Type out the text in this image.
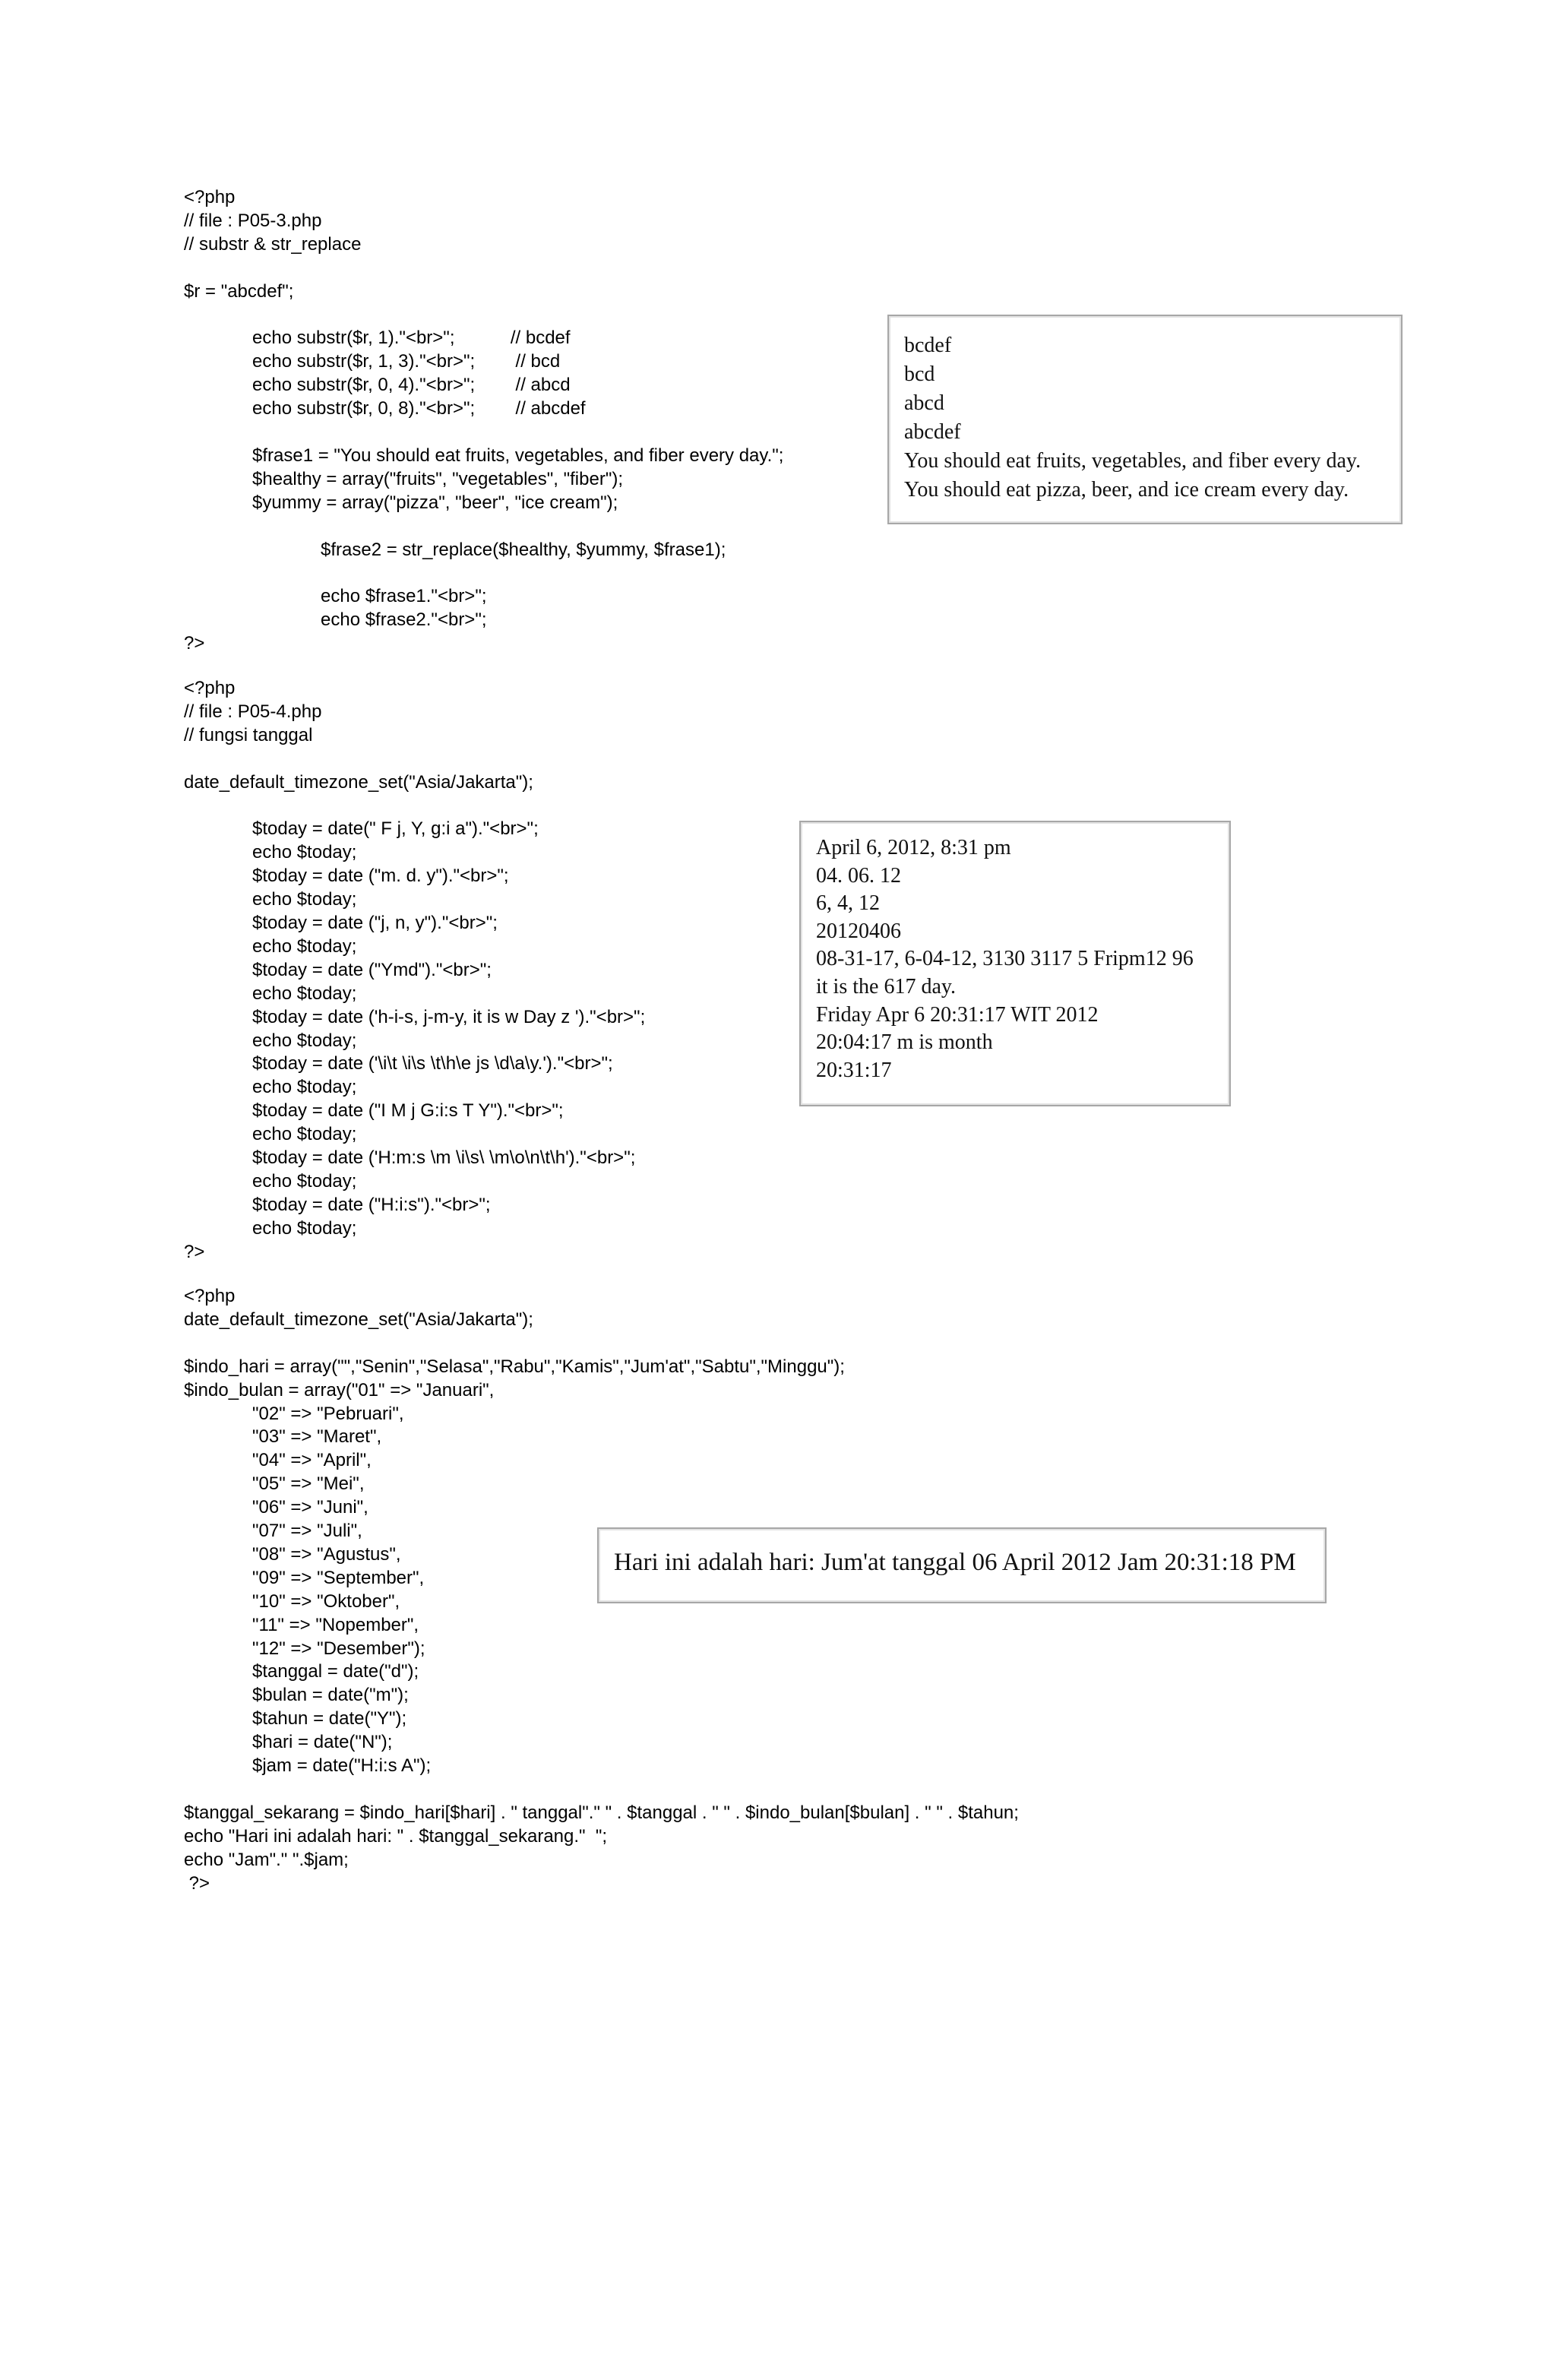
<?php
// file : P05-3.php
// substr & str_replace
$r = "abcdef";
echo substr($r, 1)."<br>";           // bcdef
echo substr($r, 1, 3)."<br>";        // bcd
echo substr($r, 0, 4)."<br>";        // abcd
echo substr($r, 0, 8)."<br>";        // abcdef
$frase1 = "You should eat fruits, vegetables, and fiber every day.";
$healthy = array("fruits", "vegetables", "fiber");
$yummy = array("pizza", "beer", "ice cream");
$frase2 = str_replace($healthy, $yummy, $frase1);
echo $frase1."<br>";
echo $frase2."<br>";
?>
<?php
// file : P05-4.php
// fungsi tanggal
date_default_timezone_set("Asia/Jakarta");
$today = date(" F j, Y, g:i a")."<br>";
echo $today;
$today = date ("m. d. y")."<br>";
echo $today;
$today = date ("j, n, y")."<br>";
echo $today;
$today = date ("Ymd")."<br>";
echo $today;
$today = date ('h-i-s, j-m-y, it is w Day z ')."<br>";
echo $today;
$today = date ('\i\t \i\s \t\h\e js \d\a\y.')."<br>";
echo $today;
$today = date ("I M j G:i:s T Y")."<br>";
echo $today;
$today = date ('H:m:s \m \i\s\ \m\o\n\t\h')."<br>";
echo $today;
$today = date ("H:i:s")."<br>";
echo $today;
?>
<?php
date_default_timezone_set("Asia/Jakarta");
$indo_hari = array("","Senin","Selasa","Rabu","Kamis","Jum'at","Sabtu","Minggu");
$indo_bulan = array("01" => "Januari",
"02" => "Pebruari",
"03" => "Maret",
"04" => "April",
"05" => "Mei",
"06" => "Juni",
"07" => "Juli",
"08" => "Agustus",
"09" => "September",
"10" => "Oktober",
"11" => "Nopember",
"12" => "Desember");
$tanggal = date("d");
$bulan = date("m");
$tahun = date("Y");
$hari = date("N");
$jam = date("H:i:s A");
$tanggal_sekarang = $indo_hari[$hari] . " tanggal"." " . $tanggal . " " . $indo_bulan[$bulan] . " " . $tahun;
echo "Hari ini adalah hari: " . $tanggal_sekarang."  ";
echo "Jam"." ".$jam;
?>
bcdef
bcd
abcd
abcdef
You should eat fruits, vegetables, and fiber every day.
You should eat pizza, beer, and ice cream every day.
April 6, 2012, 8:31 pm
04. 06. 12
6, 4, 12
20120406
08-31-17, 6-04-12, 3130 3117 5 Fripm12 96
it is the 617 day.
Friday Apr 6 20:31:17 WIT 2012
20:04:17 m is month
20:31:17
Hari ini adalah hari: Jum'at tanggal 06 April 2012 Jam 20:31:18 PM
